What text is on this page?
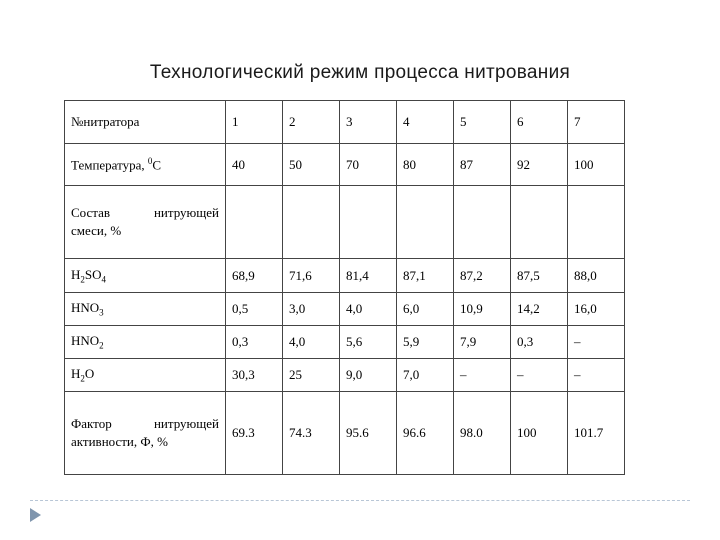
Технологический режим процесса нитрования
№нитратора	1	2	3	4	5	6	7
Температура, $^0$С	40	50	70	80	87	92	100

Состав нитрующей
смеси, %							

$H_2SO_4$	68,9	71,6	81,4	87,1	87,2	87,5	88,0
$HNO_3$	0,5	3,0	4,0	6,0	10,9	14,2	16,0
$HNO_2$	0,3	4,0	5,6	5,9	7,9	0,3	–
$H_2O$	30,3	25	9,0	7,0	–	–	–

Фактор нитрующей
активности, Ф, %	69.3	74.3	95.6	96.6	98.0	100	101.7
